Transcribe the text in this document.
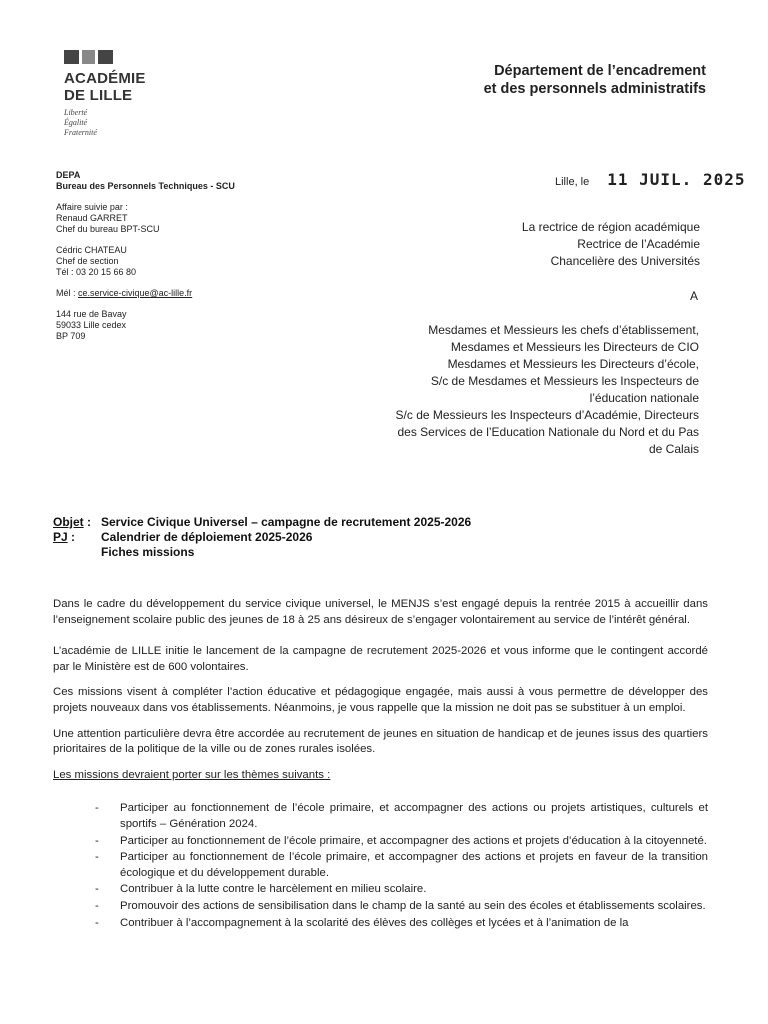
ACADÉMIE
DE LILLE
Liberté
Égalité
Fraternité
Département de l’encadrement
et des personnels administratifs
DEPA
Bureau des Personnels Techniques - SCU
Affaire suivie par :
Renaud GARRET
Chef du bureau BPT-SCU
Cédric CHATEAU
Chef de section
Tél : 03 20 15 66 80
Mél : ce.service-civique@ac-lille.fr
144 rue de Bavay
59033 Lille cedex
BP 709
Lille, le 11 JUIL. 2025
La rectrice de région académique
Rectrice de l’Académie
Chancelière des Universités
A
Mesdames et Messieurs les chefs d’établissement,
Mesdames et Messieurs les Directeurs de CIO
Mesdames et Messieurs les Directeurs d’école,
S/c de Mesdames et Messieurs les Inspecteurs de
l’éducation nationale
S/c de Messieurs les Inspecteurs d’Académie, Directeurs
des Services de l’Education Nationale du Nord et du Pas
de Calais
Objet : Service Civique Universel – campagne de recrutement 2025-2026
PJ :	Calendrier de déploiement 2025-2026
Fiches missions

Dans le cadre du développement du service civique universel, le MENJS s’est engagé depuis la rentrée 2015 à accueillir dans l’enseignement scolaire public des jeunes de 18 à 25 ans désireux de s’engager volontairement au service de l’intérêt général.

L’académie de LILLE initie le lancement de la campagne de recrutement 2025-2026 et vous informe que le contingent accordé par le Ministère est de 600 volontaires.

Ces missions visent à compléter l’action éducative et pédagogique engagée, mais aussi à vous permettre de développer des projets nouveaux dans vos établissements. Néanmoins, je vous rappelle que la mission ne doit pas se substituer à un emploi.

Une attention particulière devra être accordée au recrutement de jeunes en situation de handicap et de jeunes issus des quartiers prioritaires de la politique de la ville ou de zones rurales isolées.

Les missions devraient porter sur les thèmes suivants :

- Participer au fonctionnement de l’école primaire, et accompagner des actions ou projets artistiques, culturels et sportifs – Génération 2024.
- Participer au fonctionnement de l’école primaire, et accompagner des actions et projets d’éducation à la citoyenneté.
- Participer au fonctionnement de l’école primaire, et accompagner des actions et projets en faveur de la transition écologique et du développement durable.
- Contribuer à la lutte contre le harcèlement en milieu scolaire.
- Promouvoir des actions de sensibilisation dans le champ de la santé au sein des écoles et établissements scolaires.
- Contribuer à l’accompagnement à la scolarité des élèves des collèges et lycées et à l’animation de la
